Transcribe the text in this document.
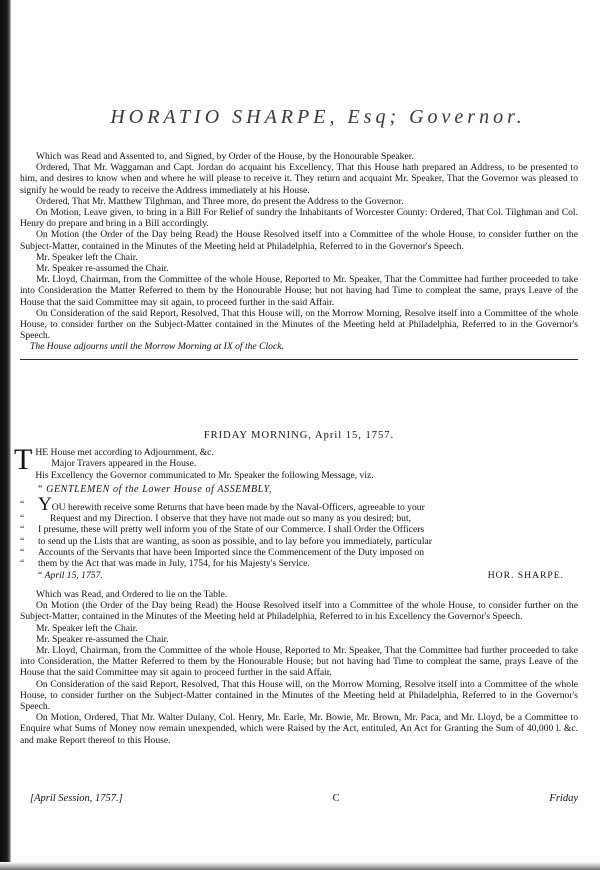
HORATIO SHARPE, Esq; Governor.

Which was Read and Assented to, and Signed, by Order of the House, by the Honourable Speaker.

Ordered, That Mr. Waggaman and Capt. Jordan do acquaint his Excellency, That this House hath prepared an Address, to be presented to him, and desires to know when and where he will please to receive it. They return and acquaint Mr. Speaker, That the Governor was pleased to signify he would be ready to receive the Address immediately at his House.

Ordered, That Mr. Matthew Tilghman, and Three more, do present the Address to the Governor.

On Motion, Leave given, to bring in a Bill For Relief of sundry the Inhabitants of Worcester County: Ordered, That Col. Tilghman and Col. Henry do prepare and bring in a Bill accordingly.

On Motion (the Order of the Day being Read) the House Resolved itself into a Committee of the whole House, to consider further on the Subject-Matter, contained in the Minutes of the Meeting held at Philadelphia, Referred to in the Governor's Speech.

Mr. Speaker left the Chair.

Mr. Speaker re-assumed the Chair.

Mr. Lloyd, Chairman, from the Committee of the whole House, Reported to Mr. Speaker, That the Committee had further proceeded to take into Consideration the Matter Referred to them by the Honourable House; but not having had Time to compleat the same, prays Leave of the House that the said Committee may sit again, to proceed further in the said Affair.

On Consideration of the said Report, Resolved, That this House will, on the Morrow Morning, Resolve itself into a Committee of the whole House, to consider further on the Subject-Matter contained in the Minutes of the Meeting held at Philadelphia, Referred to in the Governor's Speech.

The House adjourns until the Morrow Morning at IX of the Clock.

FRIDAY MORNING, April 15, 1757.
T HE House met according to Adjournment, &c.

Major Travers appeared in the House.

His Excellency the Governor communicated to Mr. Speaker the following Message, viz.

“ GENTLEMEN of the Lower House of ASSEMBLY,
“ YOU herewith receive some Returns that have been made by the Naval-Officers, agreeable to your
“	Request and my Direction. I observe that they have not made out so many as you desired; but,
“	I presume, these will pretty well inform you of the State of our Commerce. I shall Order the Officers
“	to send up the Lists that are wanting, as soon as possible, and to lay before you immediately, particular
“	Accounts of the Servants that have been Imported since the Commencement of the Duty imposed on
“	them by the Act that was made in July, 1754, for his Majesty's Service.
“ April 15, 1757.	HOR. SHARPE.

Which was Read, and Ordered to lie on the Table.

On Motion (the Order of the Day being Read) the House Resolved itself into a Committee of the whole House, to consider further on the Subject-Matter, contained in the Minutes of the Meeting held at Philadelphia, Referred to in his Excellency the Governor's Speech.

Mr. Speaker left the Chair.

Mr. Speaker re-assumed the Chair.

Mr. Lloyd, Chairman, from the Committee of the whole House, Reported to Mr. Speaker, That the Committee had further proceeded to take into Consideration, the Matter Referred to them by the Honourable House; but not having had Time to compleat the same, prays Leave of the House that the said Committee may sit again to proceed further in the said Affair.

On Consideration of the said Report, Resolved, That this House will, on the Morrow Morning, Resolve itself into a Committee of the whole House, to consider further on the Subject-Matter contained in the Minutes of the Meeting held at Philadelphia, Referred to in the Governor's Speech.

On Motion, Ordered, That Mr. Walter Dulany, Col. Henry, Mr. Earle, Mr. Bowie, Mr. Brown, Mr. Paca, and Mr. Lloyd, be a Committee to Enquire what Sums of Money now remain unexpended, which were Raised by the Act, entituled, An Act for Granting the Sum of 40,000 l. &c. and make Report thereof to this House.

[April Session, 1757.]	C	Friday
